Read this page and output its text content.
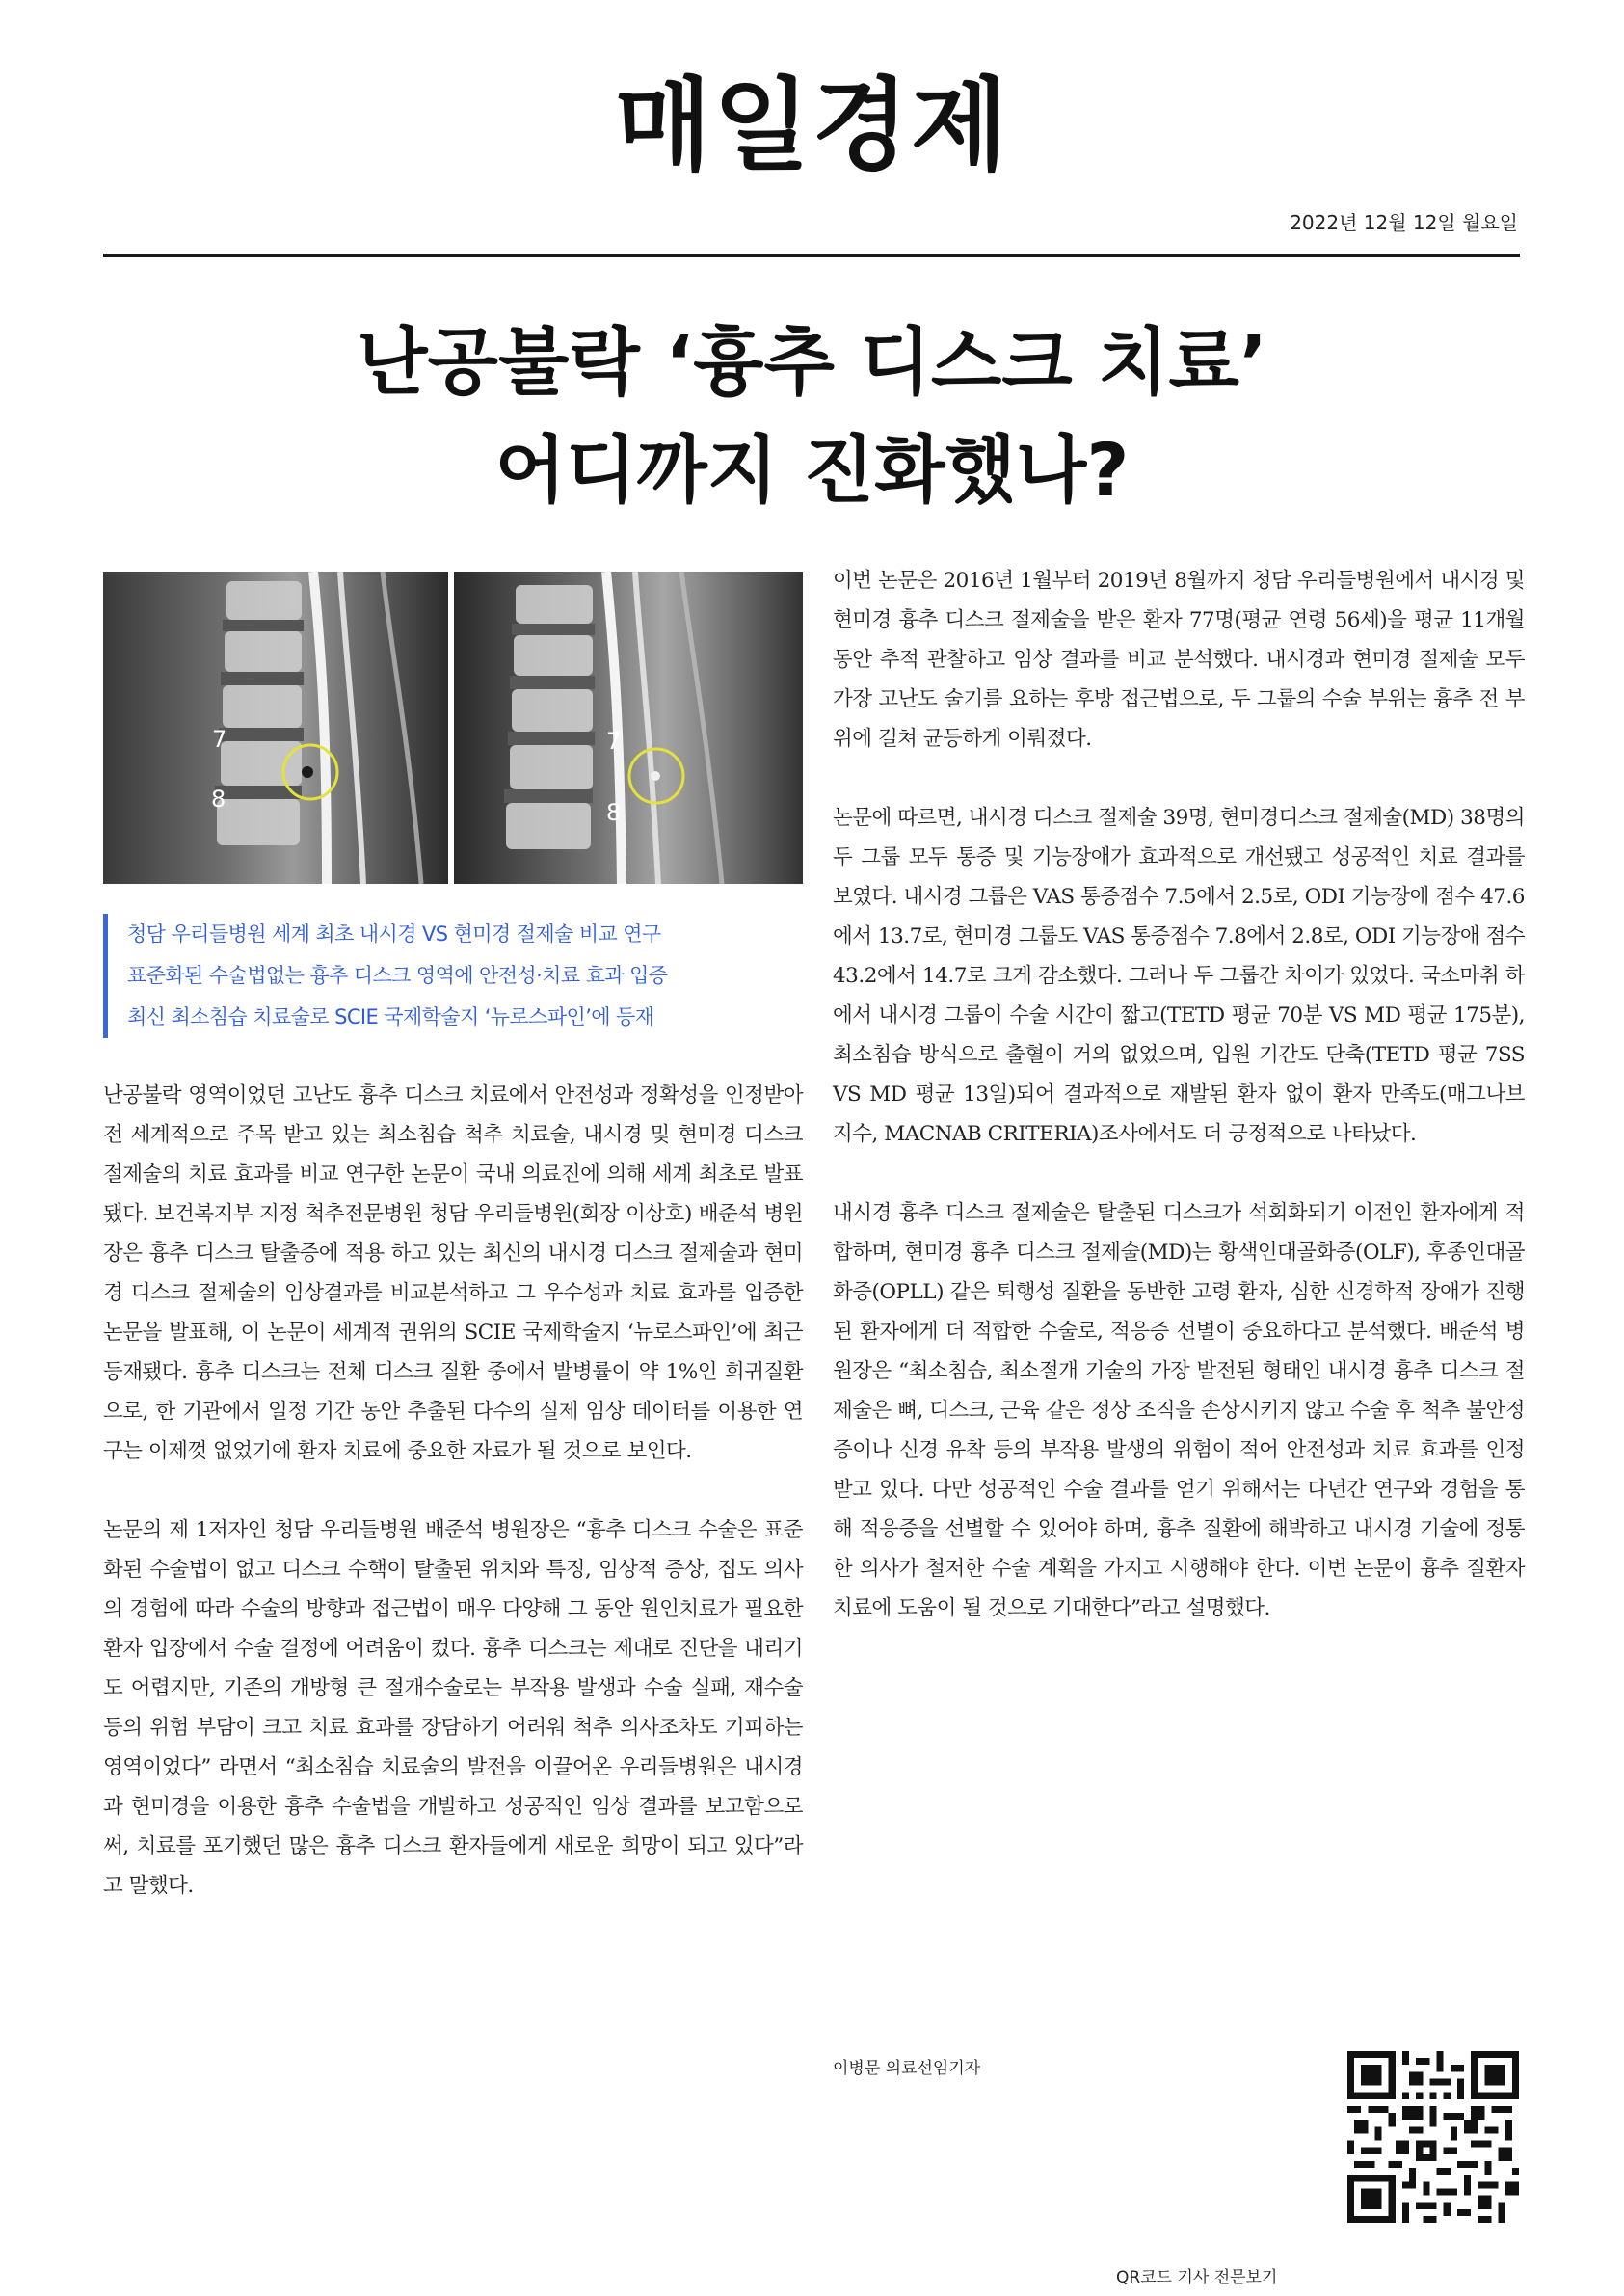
매일경제
2022년 12월 12일 월요일
난공불락 ‘흉추 디스크 치료’
어디까지 진화했나?
7
8
7
8
청담 우리들병원 세계 최초 내시경 VS 현미경 절제술 비교 연구
표준화된 수술법없는 흉추 디스크 영역에 안전성·치료 효과 입증
최신 최소침습 치료술로 SCIE 국제학술지 ‘뉴로스파인’에 등재

난공불락 영역이었던 고난도 흉추 디스크 치료에서 안전성과 정확성을 인정받아 전 세계적으로 주목 받고 있는 최소침습 척추 치료술, 내시경 및 현미경 디스크 절제술의 치료 효과를 비교 연구한 논문이 국내 의료진에 의해 세계 최초로 발표됐다. 보건복지부 지정 척추전문병원 청담 우리들병원(회장 이상호) 배준석 병원장은 흉추 디스크 탈출증에 적용 하고 있는 최신의 내시경 디스크 절제술과 현미경 디스크 절제술의 임상결과를 비교분석하고 그 우수성과 치료 효과를 입증한 논문을 발표해, 이 논문이 세계적 권위의 SCIE 국제학술지 ‘뉴로스파인’에 최근 등재됐다. 흉추 디스크는 전체 디스크 질환 중에서 발병률이 약 1%인 희귀질환으로, 한 기관에서 일정 기간 동안 추출된 다수의 실제 임상 데이터를 이용한 연구는 이제껏 없었기에 환자 치료에 중요한 자료가 될 것으로 보인다.

논문의 제 1저자인 청담 우리들병원 배준석 병원장은 “흉추 디스크 수술은 표준화된 수술법이 없고 디스크 수핵이 탈출된 위치와 특징, 임상적 증상, 집도 의사의 경험에 따라 수술의 방향과 접근법이 매우 다양해 그 동안 원인치료가 필요한 환자 입장에서 수술 결정에 어려움이 컸다. 흉추 디스크는 제대로 진단을 내리기도 어렵지만, 기존의 개방형 큰 절개수술로는 부작용 발생과 수술 실패, 재수술 등의 위험 부담이 크고 치료 효과를 장담하기 어려워 척추 의사조차도 기피하는 영역이었다” 라면서 “최소침습 치료술의 발전을 이끌어온 우리들병원은 내시경과 현미경을 이용한 흉추 수술법을 개발하고 성공적인 임상 결과를 보고함으로써, 치료를 포기했던 많은 흉추 디스크 환자들에게 새로운 희망이 되고 있다”라고 말했다.

이번 논문은 2016년 1월부터 2019년 8월까지 청담 우리들병원에서 내시경 및 현미경 흉추 디스크 절제술을 받은 환자 77명(평균 연령 56세)을 평균 11개월 동안 추적 관찰하고 임상 결과를 비교 분석했다. 내시경과 현미경 절제술 모두 가장 고난도 술기를 요하는 후방 접근법으로, 두 그룹의 수술 부위는 흉추 전 부위에 걸쳐 균등하게 이뤄졌다.

논문에 따르면, 내시경 디스크 절제술 39명, 현미경디스크 절제술(MD) 38명의 두 그룹 모두 통증 및 기능장애가 효과적으로 개선됐고 성공적인 치료 결과를 보였다. 내시경 그룹은 VAS 통증점수 7.5에서 2.5로, ODI 기능장애 점수 47.6에서 13.7로, 현미경 그룹도 VAS 통증점수 7.8에서 2.8로, ODI 기능장애 점수 43.2에서 14.7로 크게 감소했다. 그러나 두 그룹간 차이가 있었다. 국소마취 하에서 내시경 그룹이 수술 시간이 짧고(TETD 평균 70분 VS MD 평균 175분), 최소침습 방식으로 출혈이 거의 없었으며, 입원 기간도 단축(TETD 평균 7SS VS MD 평균 13일)되어 결과적으로 재발된 환자 없이 환자 만족도(매그나브 지수, MACNAB CRITERIA)조사에서도 더 긍정적으로 나타났다.

내시경 흉추 디스크 절제술은 탈출된 디스크가 석회화되기 이전인 환자에게 적합하며, 현미경 흉추 디스크 절제술(MD)는 황색인대골화증(OLF), 후종인대골화증(OPLL) 같은 퇴행성 질환을 동반한 고령 환자, 심한 신경학적 장애가 진행된 환자에게 더 적합한 수술로, 적응증 선별이 중요하다고 분석했다. 배준석 병원장은 “최소침습, 최소절개 기술의 가장 발전된 형태인 내시경 흉추 디스크 절제술은 뼈, 디스크, 근육 같은 정상 조직을 손상시키지 않고 수술 후 척추 불안정증이나 신경 유착 등의 부작용 발생의 위험이 적어 안전성과 치료 효과를 인정받고 있다. 다만 성공적인 수술 결과를 얻기 위해서는 다년간 연구와 경험을 통해 적응증을 선별할 수 있어야 하며, 흉추 질환에 해박하고 내시경 기술에 정통한 의사가 철저한 수술 계획을 가지고 시행해야 한다. 이번 논문이 흉추 질환자 치료에 도움이 될 것으로 기대한다”라고 설명했다.

이병문 의료선임기자
QR코드 기사 전문보기
